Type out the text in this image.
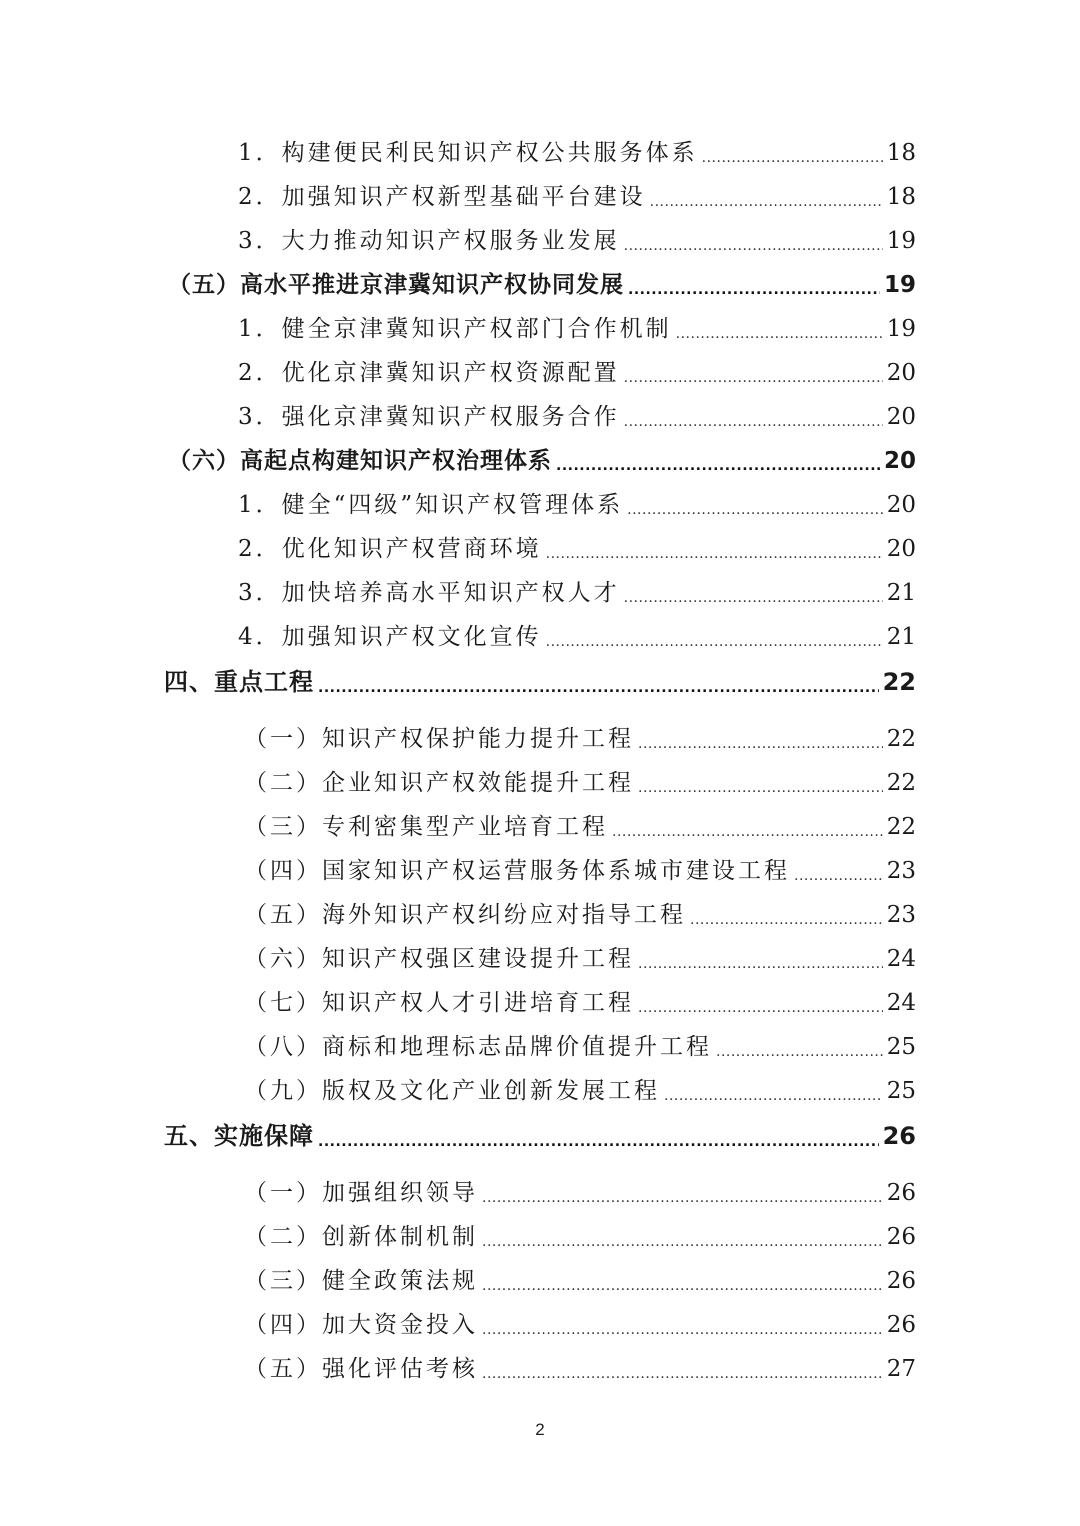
1．构建便民利民知识产权公共服务体系 .....	18
2．加强知识产权新型基础平台建设 .....	18
3．大力推动知识产权服务业发展 .....	19
（五）高水平推进京津冀知识产权协同发展 .....	19
1．健全京津冀知识产权部门合作机制 .....	19
2．优化京津冀知识产权资源配置 .....	20
3．强化京津冀知识产权服务合作 .....	20
（六）高起点构建知识产权治理体系 .....	20
1．健全“四级”知识产权管理体系 .....	20
2．优化知识产权营商环境 .....	20
3．加快培养高水平知识产权人才 .....	21
4．加强知识产权文化宣传 .....	21
四、重点工程 .....	22
（一）知识产权保护能力提升工程 .....	22
（二）企业知识产权效能提升工程 .....	22
（三）专利密集型产业培育工程 .....	22
（四）国家知识产权运营服务体系城市建设工程 .....	23
（五）海外知识产权纠纷应对指导工程 .....	23
（六）知识产权强区建设提升工程 .....	24
（七）知识产权人才引进培育工程 .....	24
（八）商标和地理标志品牌价值提升工程 .....	25
（九）版权及文化产业创新发展工程 .....	25
五、实施保障 .....	26
（一）加强组织领导 .....	26
（二）创新体制机制 .....	26
（三）健全政策法规 .....	26
（四）加大资金投入 .....	26
（五）强化评估考核 .....	27
2
